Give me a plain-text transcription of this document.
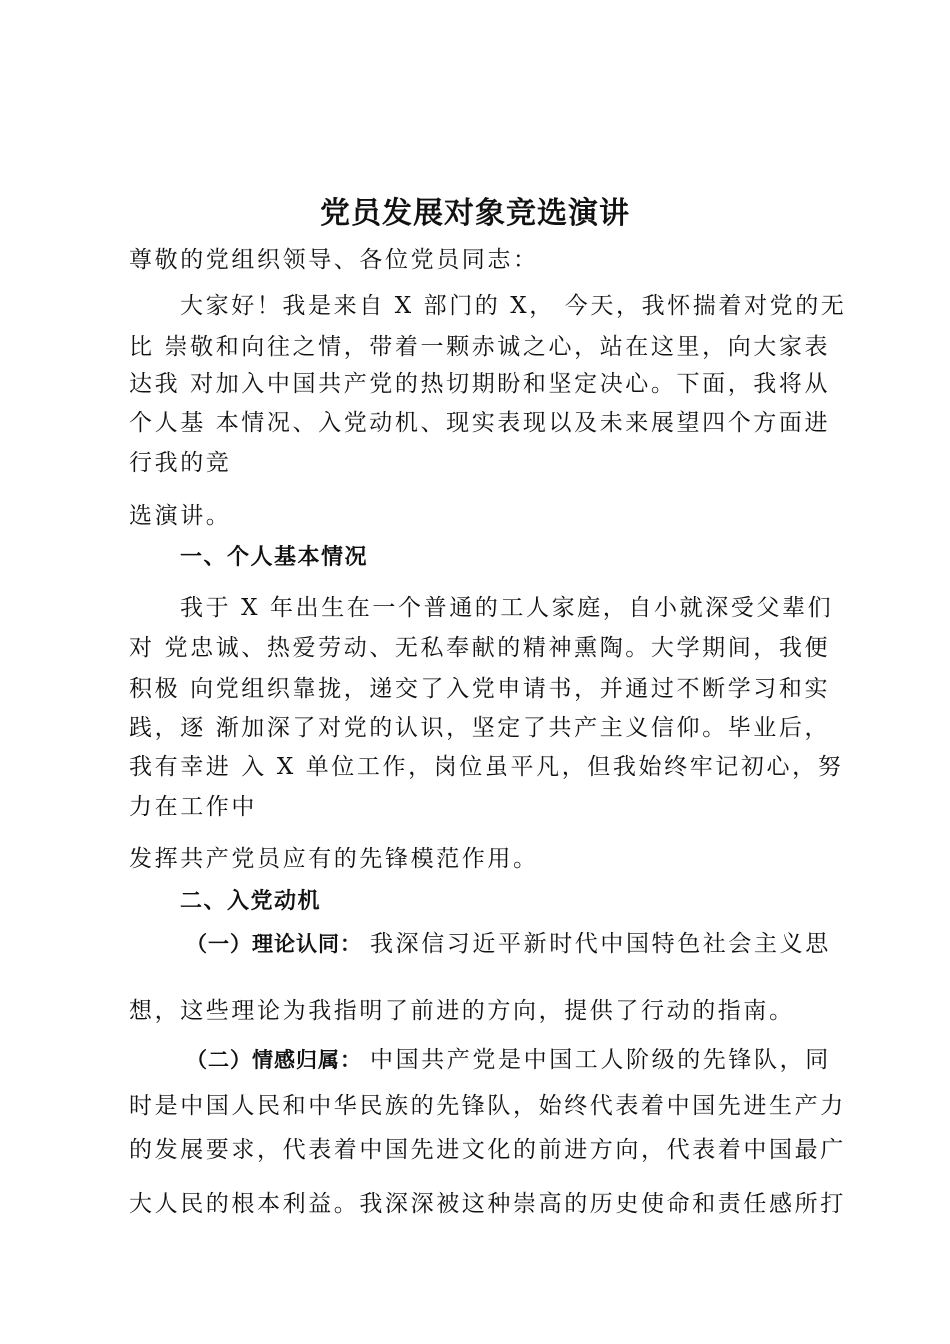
党员发展对象竞选演讲
尊敬的党组织领导、各位党员同志：
大家好！我是来自 X 部门的 X， 今天，我怀揣着对党的无
比 崇敬和向往之情，带着一颗赤诚之心，站在这里，向大家表
达我 对加入中国共产党的热切期盼和坚定决心。下面，我将从
个人基 本情况、入党动机、现实表现以及未来展望四个方面进
行我的竞
选演讲。
一、个人基本情况
我于 X 年出生在一个普通的工人家庭，自小就深受父辈们
对 党忠诚、热爱劳动、无私奉献的精神熏陶。大学期间，我便
积极 向党组织靠拢，递交了入党申请书，并通过不断学习和实
践，逐 渐加深了对党的认识，坚定了共产主义信仰。毕业后，
我有幸进 入 X 单位工作，岗位虽平凡，但我始终牢记初心，努
力在工作中
发挥共产党员应有的先锋模范作用。
二、入党动机
（一）理论认同： 我深信习近平新时代中国特色社会主义思
想，这些理论为我指明了前进的方向，提供了行动的指南。
（二）情感归属： 中国共产党是中国工人阶级的先锋队，同
时是中国人民和中华民族的先锋队，始终代表着中国先进生产力
的发展要求，代表着中国先进文化的前进方向，代表着中国最广
大人民的根本利益。我深深被这种崇高的历史使命和责任感所打
